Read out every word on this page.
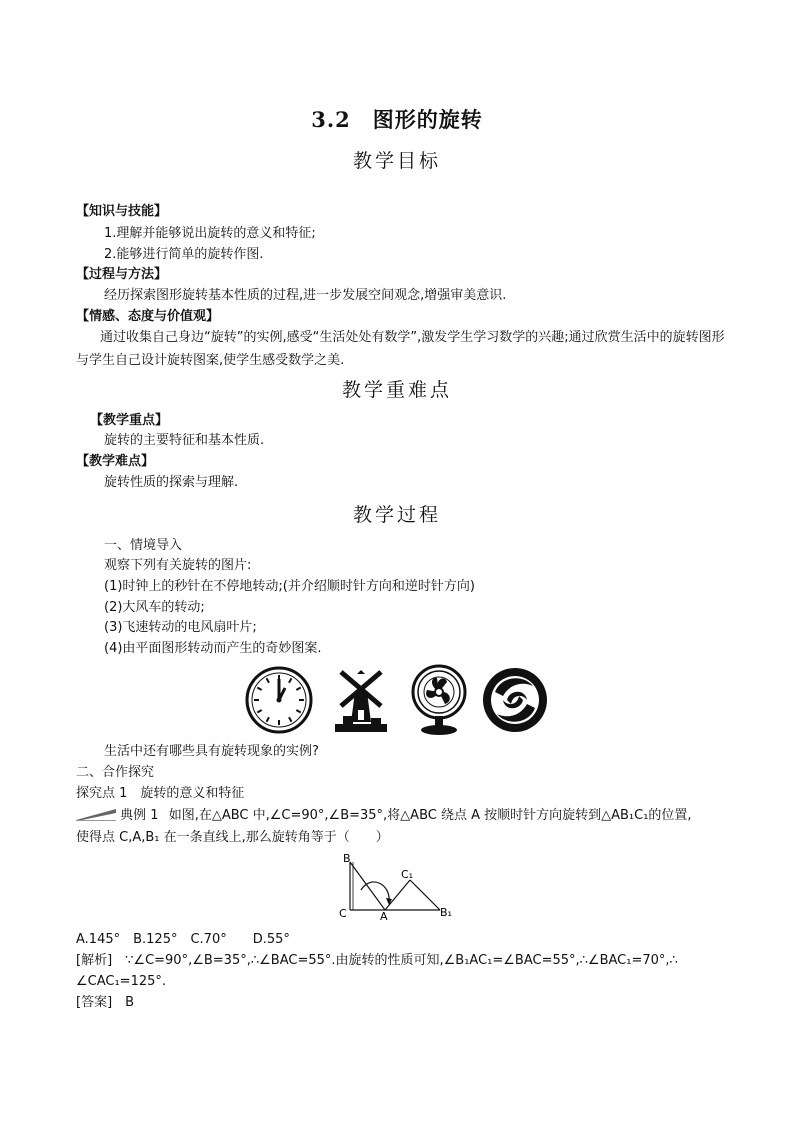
3.2　图形的旋转
教学目标
【知识与技能】
1.理解并能够说出旋转的意义和特征;
2.能够进行简单的旋转作图.
【过程与方法】
经历探索图形旋转基本性质的过程,进一步发展空间观念,增强审美意识.
【情感、态度与价值观】
通过收集自己身边“旋转”的实例,感受“生活处处有数学”,激发学生学习数学的兴趣;通过欣赏生活中的旋转图形与学生自己设计旋转图案,使学生感受数学之美.
教学重难点
【教学重点】
旋转的主要特征和基本性质.
【教学难点】
旋转性质的探索与理解.
教学过程
一、情境导入
观察下列有关旋转的图片:
(1)时钟上的秒针在不停地转动;(并介绍顺时针方向和逆时针方向)
(2)大风车的转动;
(3)飞速转动的电风扇叶片;
(4)由平面图形转动而产生的奇妙图案.
生活中还有哪些具有旋转现象的实例?
二、合作探究
探究点 1　旋转的意义和特征
典例 1 如图,在△ABC 中,∠C=90°,∠B=35°,将△ABC 绕点 A 按顺时针方向旋转到△AB₁C₁的位置,
使得点 C,A,B₁ 在一条直线上,那么旋转角等于（　　）
B
C	A
C₁
B₁
A.145°　B.125°　C.70°　　D.55°
[解析]　∵∠C=90°,∠B=35°,∴∠BAC=55°.由旋转的性质可知,∠B₁AC₁=∠BAC=55°,∴∠BAC₁=70°,∴
∠CAC₁=125°.
[答案]　B
